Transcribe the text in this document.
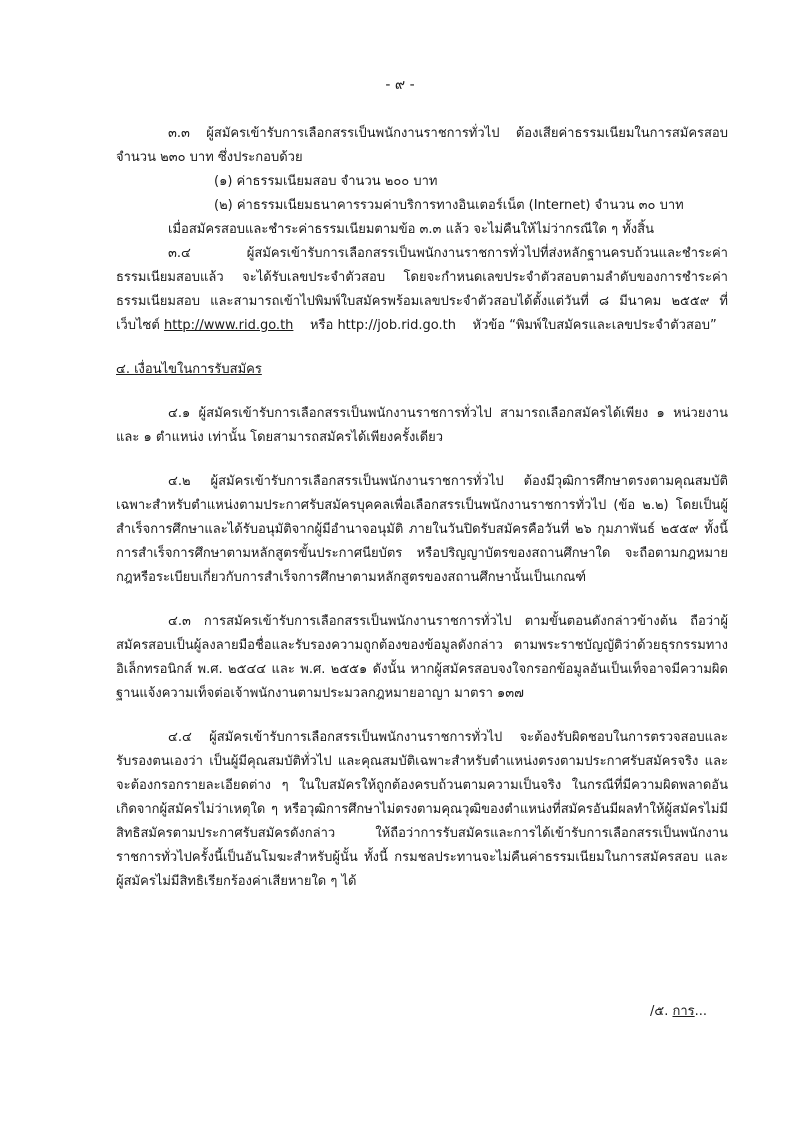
- ๙ -

๓.๓ ผู้สมัครเข้ารับการเลือกสรรเป็นพนักงานราชการทั่วไป ต้องเสียค่าธรรมเนียมในการสมัครสอบ จำนวน ๒๓๐ บาท ซึ่งประกอบด้วย

(๑) ค่าธรรมเนียมสอบ จำนวน ๒๐๐ บาท

(๒) ค่าธรรมเนียมธนาคารรวมค่าบริการทางอินเตอร์เน็ต (Internet) จำนวน ๓๐ บาท

เมื่อสมัครสอบและชำระค่าธรรมเนียมตามข้อ ๓.๓ แล้ว จะไม่คืนให้ไม่ว่ากรณีใด ๆ ทั้งสิ้น

๓.๔ ผู้สมัครเข้ารับการเลือกสรรเป็นพนักงานราชการทั่วไปที่ส่งหลักฐานครบถ้วนและชำระค่าธรรมเนียมสอบแล้ว จะได้รับเลขประจำตัวสอบ โดยจะกำหนดเลขประจำตัวสอบตามลำดับของการชำระค่าธรรมเนียมสอบ และสามารถเข้าไปพิมพ์ใบสมัครพร้อมเลขประจำตัวสอบได้ตั้งแต่วันที่ ๘ มีนาคม ๒๕๕๙ ที่เว็บไซต์ http://www.rid.go.th หรือ http://job.rid.go.th หัวข้อ “พิมพ์ใบสมัครและเลขประจำตัวสอบ”

๔. เงื่อนไขในการรับสมัคร

๔.๑ ผู้สมัครเข้ารับการเลือกสรรเป็นพนักงานราชการทั่วไป สามารถเลือกสมัครได้เพียง ๑ หน่วยงาน และ ๑ ตำแหน่ง เท่านั้น โดยสามารถสมัครได้เพียงครั้งเดียว

๔.๒ ผู้สมัครเข้ารับการเลือกสรรเป็นพนักงานราชการทั่วไป ต้องมีวุฒิการศึกษาตรงตามคุณสมบัติเฉพาะสำหรับตำแหน่งตามประกาศรับสมัครบุคคลเพื่อเลือกสรรเป็นพนักงานราชการทั่วไป (ข้อ ๒.๒) โดยเป็นผู้สำเร็จการศึกษาและได้รับอนุมัติจากผู้มีอำนาจอนุมัติ ภายในวันปิดรับสมัครคือวันที่ ๒๖ กุมภาพันธ์ ๒๕๕๙ ทั้งนี้ การสำเร็จการศึกษาตามหลักสูตรขั้นประกาศนียบัตร หรือปริญญาบัตรของสถานศึกษาใด จะถือตามกฎหมาย กฎหรือระเบียบเกี่ยวกับการสำเร็จการศึกษาตามหลักสูตรของสถานศึกษานั้นเป็นเกณฑ์

๔.๓ การสมัครเข้ารับการเลือกสรรเป็นพนักงานราชการทั่วไป ตามขั้นตอนดังกล่าวข้างต้น ถือว่าผู้สมัครสอบเป็นผู้ลงลายมือชื่อและรับรองความถูกต้องของข้อมูลดังกล่าว ตามพระราชบัญญัติว่าด้วยธุรกรรมทางอิเล็กทรอนิกส์ พ.ศ. ๒๕๔๔ และ พ.ศ. ๒๕๕๑ ดังนั้น หากผู้สมัครสอบจงใจกรอกข้อมูลอันเป็นเท็จอาจมีความผิดฐานแจ้งความเท็จต่อเจ้าพนักงานตามประมวลกฎหมายอาญา มาตรา ๑๓๗

๔.๔ ผู้สมัครเข้ารับการเลือกสรรเป็นพนักงานราชการทั่วไป จะต้องรับผิดชอบในการตรวจสอบและรับรองตนเองว่า เป็นผู้มีคุณสมบัติทั่วไป และคุณสมบัติเฉพาะสำหรับตำแหน่งตรงตามประกาศรับสมัครจริง และจะต้องกรอกรายละเอียดต่าง ๆ ในใบสมัครให้ถูกต้องครบถ้วนตามความเป็นจริง ในกรณีที่มีความผิดพลาดอันเกิดจากผู้สมัครไม่ว่าเหตุใด ๆ หรือวุฒิการศึกษาไม่ตรงตามคุณวุฒิของตำแหน่งที่สมัครอันมีผลทำให้ผู้สมัครไม่มีสิทธิสมัครตามประกาศรับสมัครดังกล่าว ให้ถือว่าการรับสมัครและการได้เข้ารับการเลือกสรรเป็นพนักงานราชการทั่วไปครั้งนี้เป็นอันโมฆะสำหรับผู้นั้น ทั้งนี้ กรมชลประทานจะไม่คืนค่าธรรมเนียมในการสมัครสอบ และผู้สมัครไม่มีสิทธิเรียกร้องค่าเสียหายใด ๆ ได้

/๕. การ...
